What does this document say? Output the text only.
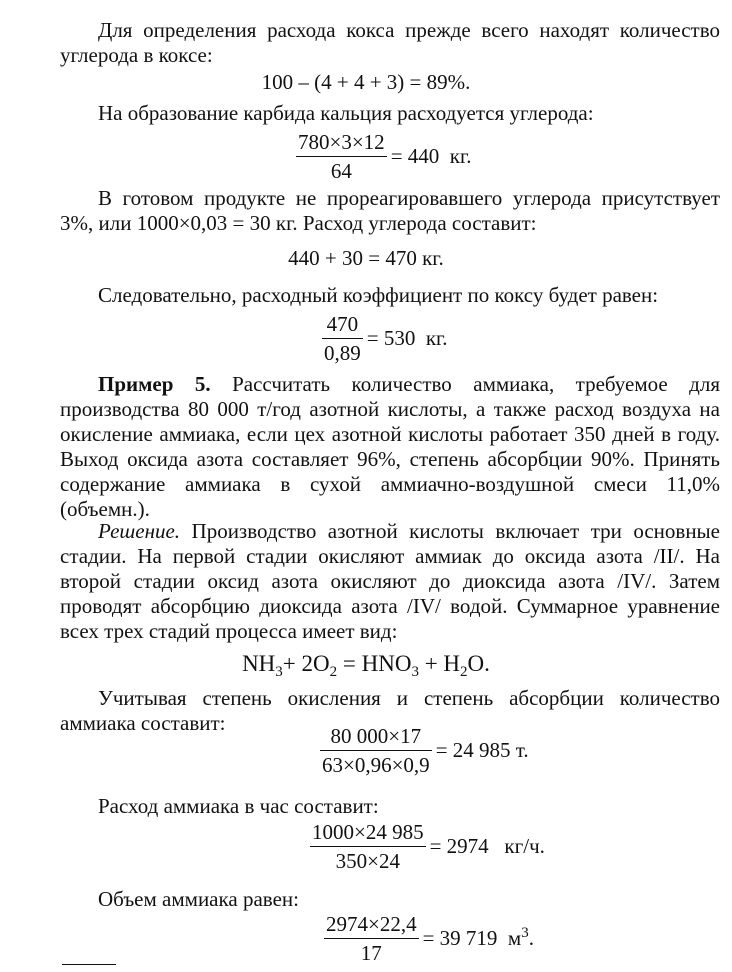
Для определения расхода кокса прежде всего находят количество углерода в коксе:

100 – (4 + 4 + 3) = 89%.

На образование карбида кальция расходуется углерода:

$\frac{780\times 3\times 12}{64} = 440$  кг.

В готовом продукте не прореагировавшего углерода присутствует 3%, или 1000×0,03 = 30 кг. Расход углерода составит:

440 + 30 = 470 кг.

Следовательно, расходный коэффициент по коксу будет равен:

$\frac{470}{0,89} = 530$  кг.

Пример 5. Рассчитать количество аммиака, требуемое для производства 80 000 т/год азотной кислоты, а также расход воздуха на окисление аммиака, если цех азотной кислоты работает 350 дней в году. Выход оксида азота составляет 96%, степень абсорбции 90%. Принять содержание аммиака в сухой аммиачно-воздушной смеси 11,0% (объемн.).

Решение. Производство азотной кислоты включает три основные стадии. На первой стадии окисляют аммиак до оксида азота /II/. На второй стадии оксид азота окисляют до диоксида азота /IV/. Затем проводят абсорбцию диоксида азота /IV/ водой. Суммарное уравнение всех трех стадий процесса имеет вид:

$NH_3+ 2O_2 = HNO_3 + H_2O$.

Учитывая степень окисления и степень абсорбции количество аммиака составит:

$\frac{80 000\times 17}{63\times 0,96\times 0,9} = 24$ 985 т.

Расход аммиака в час составит:

$\frac{1000\times 24 985}{350\times 24} = 2974$   кг/ч.

Объем аммиака равен:

$\frac{2974\times 22,4}{17} = 39$ 719  $м^3$.
